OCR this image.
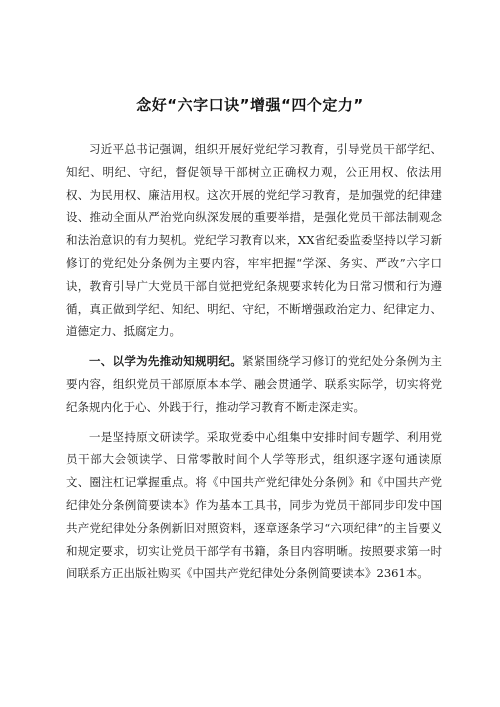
念好“六字口诀”增强“四个定力”

习近平总书记强调，组织开展好党纪学习教育，引导党员干部学纪、知纪、明纪、守纪，督促领导干部树立正确权力观，公正用权、依法用权、为民用权、廉洁用权。这次开展的党纪学习教育，是加强党的纪律建设、推动全面从严治党向纵深发展的重要举措，是强化党员干部法制观念和法治意识的有力契机。党纪学习教育以来，XX省纪委监委坚持以学习新修订的党纪处分条例为主要内容，牢牢把握“学深、务实、严改”六字口诀，教育引导广大党员干部自觉把党纪条规要求转化为日常习惯和行为遵循，真正做到学纪、知纪、明纪、守纪，不断增强政治定力、纪律定力、道德定力、抵腐定力。

一、以学为先推动知规明纪。紧紧围绕学习修订的党纪处分条例为主要内容，组织党员干部原原本本学、融会贯通学、联系实际学，切实将党纪条规内化于心、外践于行，推动学习教育不断走深走实。

一是坚持原文研读学。采取党委中心组集中安排时间专题学、利用党员干部大会领读学、日常零散时间个人学等形式，组织逐字逐句通读原文、圈注杠记掌握重点。将《中国共产党纪律处分条例》和《中国共产党纪律处分条例简要读本》作为基本工具书，同步为党员干部同步印发中国共产党纪律处分条例新旧对照资料，逐章逐条学习“六项纪律”的主旨要义和规定要求，切实让党员干部学有书籍，条目内容明晰。按照要求第一时间联系方正出版社购买《中国共产党纪律处分条例简要读本》2361本。
